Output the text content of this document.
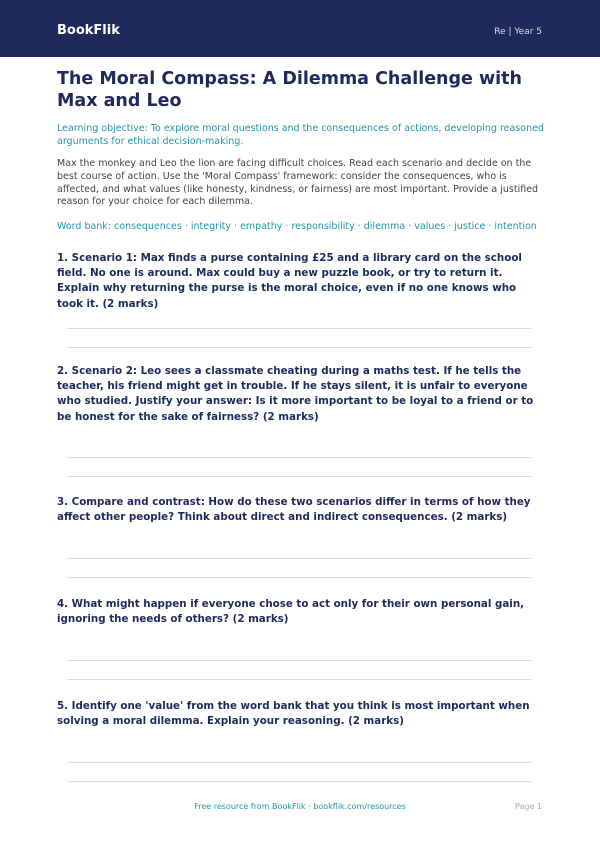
BookFlik	Re | Year 5
The Moral Compass: A Dilemma Challenge with Max and Leo

Learning objective: To explore moral questions and the consequences of actions, developing reasoned arguments for ethical decision-making.

Max the monkey and Leo the lion are facing difficult choices. Read each scenario and decide on the best course of action. Use the 'Moral Compass' framework: consider the consequences, who is affected, and what values (like honesty, kindness, or fairness) are most important. Provide a justified reason for your choice for each dilemma.

Word bank: consequences · integrity · empathy · responsibility · dilemma · values · justice · intention

1. Scenario 1: Max finds a purse containing £25 and a library card on the school field. No one is around. Max could buy a new puzzle book, or try to return it. Explain why returning the purse is the moral choice, even if no one knows who took it. (2 marks)
2. Scenario 2: Leo sees a classmate cheating during a maths test. If he tells the teacher, his friend might get in trouble. If he stays silent, it is unfair to everyone who studied. Justify your answer: Is it more important to be loyal to a friend or to be honest for the sake of fairness? (2 marks)
3. Compare and contrast: How do these two scenarios differ in terms of how they affect other people? Think about direct and indirect consequences. (2 marks)
4. What might happen if everyone chose to act only for their own personal gain, ignoring the needs of others? (2 marks)
5. Identify one 'value' from the word bank that you think is most important when solving a moral dilemma. Explain your reasoning. (2 marks)
Free resource from BookFlik · bookflik.com/resources	Page 1
